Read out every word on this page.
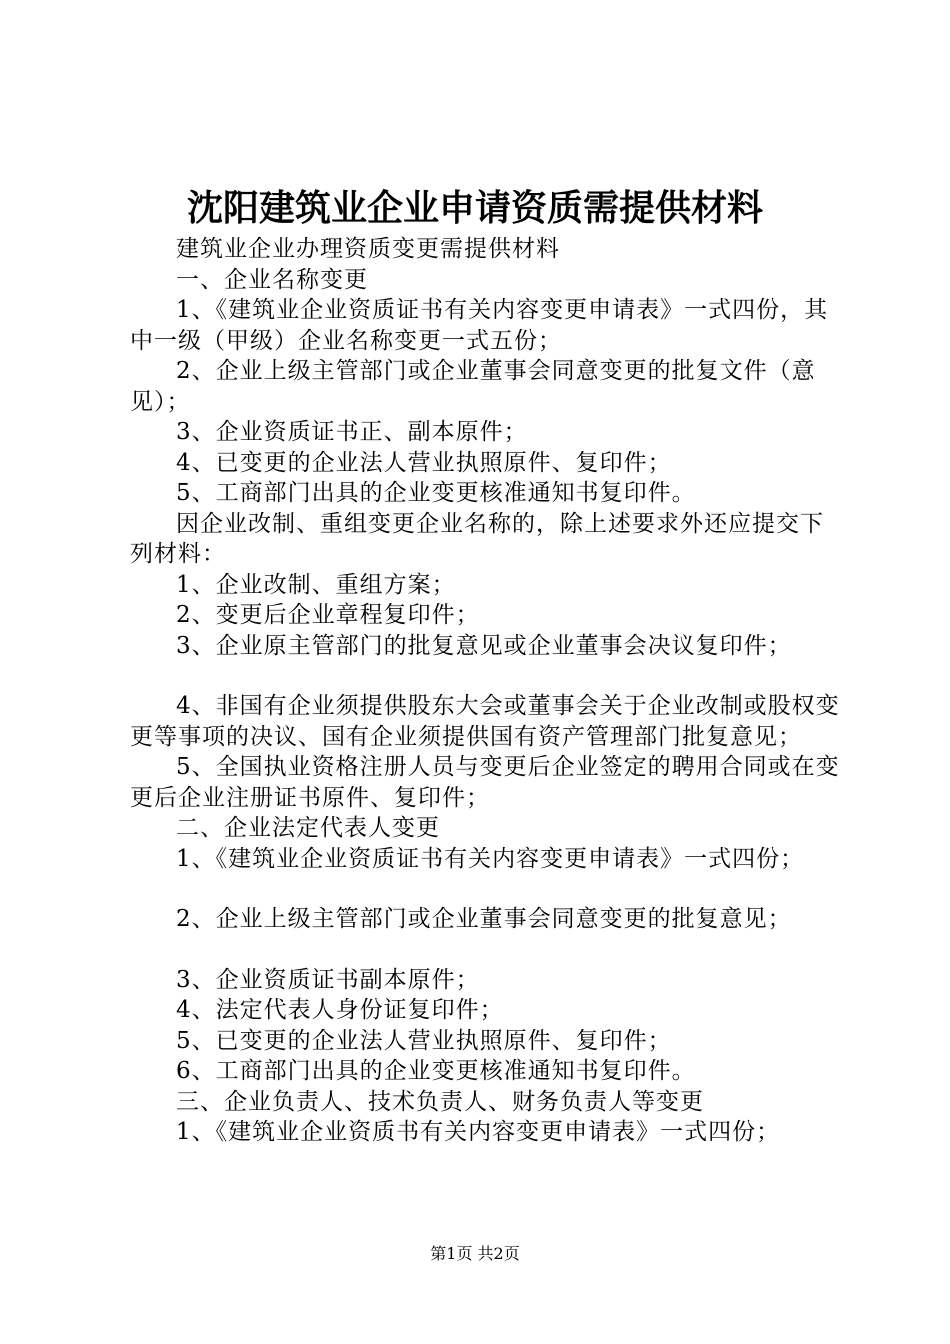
沈阳建筑业企业申请资质需提供材料

建筑业企业办理资质变更需提供材料

一、企业名称变更

1、《建筑业企业资质证书有关内容变更申请表》一式四份，其中一级（甲级）企业名称变更一式五份；

2、企业上级主管部门或企业董事会同意变更的批复文件（意见）；

3、企业资质证书正、副本原件；

4、已变更的企业法人营业执照原件、复印件；

5、工商部门出具的企业变更核准通知书复印件。

因企业改制、重组变更企业名称的，除上述要求外还应提交下列材料：

1、企业改制、重组方案；

2、变更后企业章程复印件；

3、企业原主管部门的批复意见或企业董事会决议复印件；

4、非国有企业须提供股东大会或董事会关于企业改制或股权变更等事项的决议、国有企业须提供国有资产管理部门批复意见；

5、全国执业资格注册人员与变更后企业签定的聘用合同或在变更后企业注册证书原件、复印件；

二、企业法定代表人变更

1、《建筑业企业资质证书有关内容变更申请表》一式四份；

2、企业上级主管部门或企业董事会同意变更的批复意见；

3、企业资质证书副本原件；

4、法定代表人身份证复印件；

5、已变更的企业法人营业执照原件、复印件；

6、工商部门出具的企业变更核准通知书复印件。

三、企业负责人、技术负责人、财务负责人等变更

1、《建筑业企业资质书有关内容变更申请表》一式四份；

第1页 共2页
